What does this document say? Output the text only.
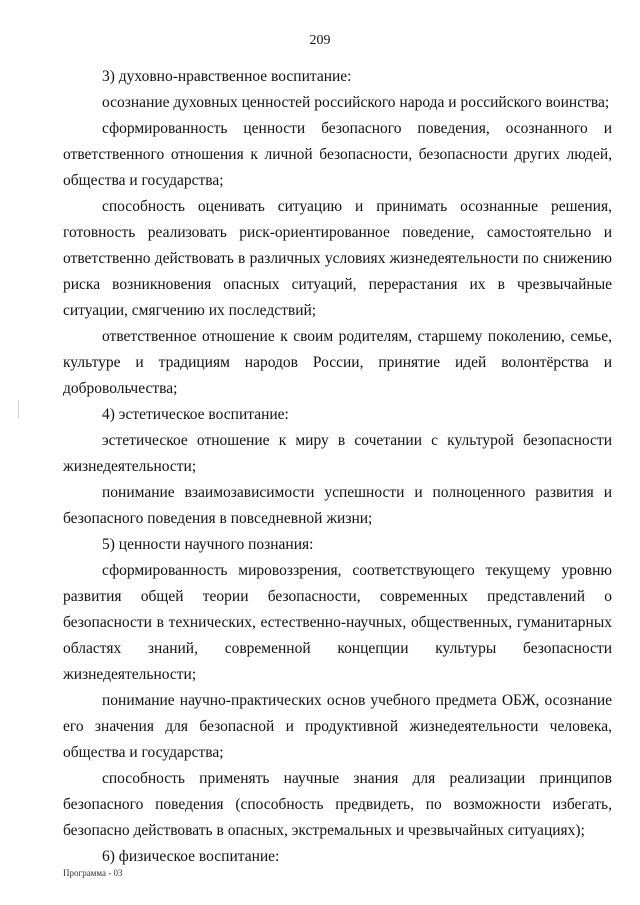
209

3) духовно-нравственное воспитание:

осознание духовных ценностей российского народа и российского воинства;

сформированность ценности безопасного поведения, осознанного и ответственного отношения к личной безопасности, безопасности других людей, общества и государства;

способность оценивать ситуацию и принимать осознанные решения, готовность реализовать риск-ориентированное поведение, самостоятельно и ответственно действовать в различных условиях жизнедеятельности по снижению риска возникновения опасных ситуаций, перерастания их в чрезвычайные ситуации, смягчению их последствий;

ответственное отношение к своим родителям, старшему поколению, семье, культуре и традициям народов России, принятие идей волонтёрства и добровольчества;

4) эстетическое воспитание:

эстетическое отношение к миру в сочетании с культурой безопасности жизнедеятельности;

понимание взаимозависимости успешности и полноценного развития и безопасного поведения в повседневной жизни;

5) ценности научного познания:

сформированность мировоззрения, соответствующего текущему уровню развития общей теории безопасности, современных представлений о безопасности в технических, естественно-научных, общественных, гуманитарных областях знаний, современной концепции культуры безопасности жизнедеятельности;

понимание научно-практических основ учебного предмета ОБЖ, осознание его значения для безопасной и продуктивной жизнедеятельности человека, общества и государства;

способность применять научные знания для реализации принципов безопасного поведения (способность предвидеть, по возможности избегать, безопасно действовать в опасных, экстремальных и чрезвычайных ситуациях);

6) физическое воспитание:

Программа - 03
